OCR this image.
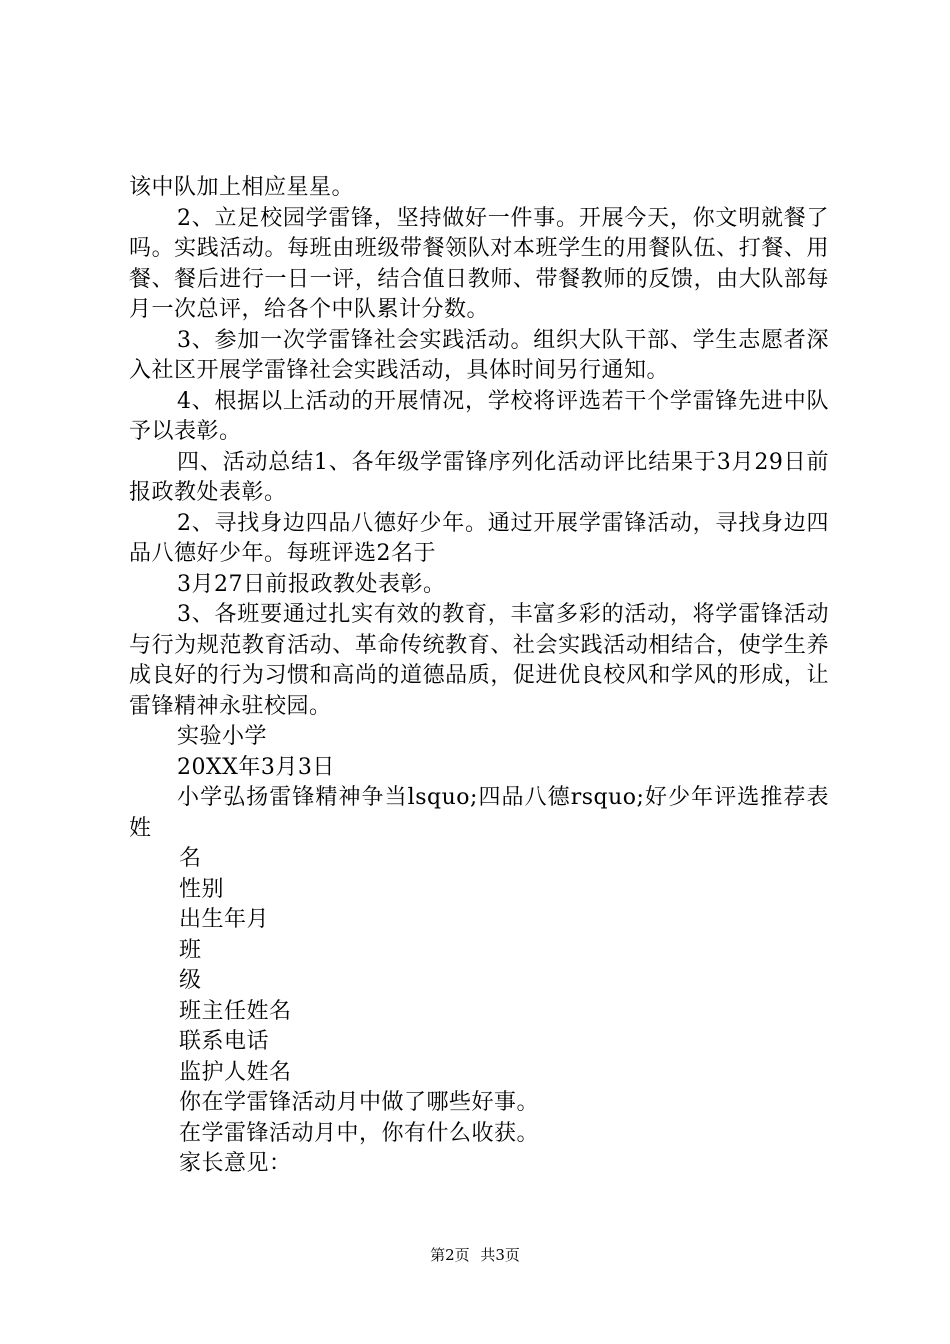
该中队加上相应星星。

2、立足校园学雷锋，坚持做好一件事。开展今天，你文明就餐了吗。实践活动。每班由班级带餐领队对本班学生的用餐队伍、打餐、用餐、餐后进行一日一评，结合值日教师、带餐教师的反馈，由大队部每月一次总评，给各个中队累计分数。

3、参加一次学雷锋社会实践活动。组织大队干部、学生志愿者深入社区开展学雷锋社会实践活动，具体时间另行通知。

4、根据以上活动的开展情况，学校将评选若干个学雷锋先进中队予以表彰。

四、活动总结1、各年级学雷锋序列化活动评比结果于3月29日前报政教处表彰。

2、寻找身边四品八德好少年。通过开展学雷锋活动，寻找身边四品八德好少年。每班评选2名于

3月27日前报政教处表彰。

3、各班要通过扎实有效的教育，丰富多彩的活动，将学雷锋活动与行为规范教育活动、革命传统教育、社会实践活动相结合，使学生养成良好的行为习惯和高尚的道德品质，促进优良校风和学风的形成，让雷锋精神永驻校园。

实验小学

20XX年3月3日

小学弘扬雷锋精神争当lsquo;四品八德rsquo;好少年评选推荐表姓

名

性别

出生年月

班

级

班主任姓名

联系电话

监护人姓名

你在学雷锋活动月中做了哪些好事。

在学雷锋活动月中，你有什么收获。

家长意见：

第2页 共3页
